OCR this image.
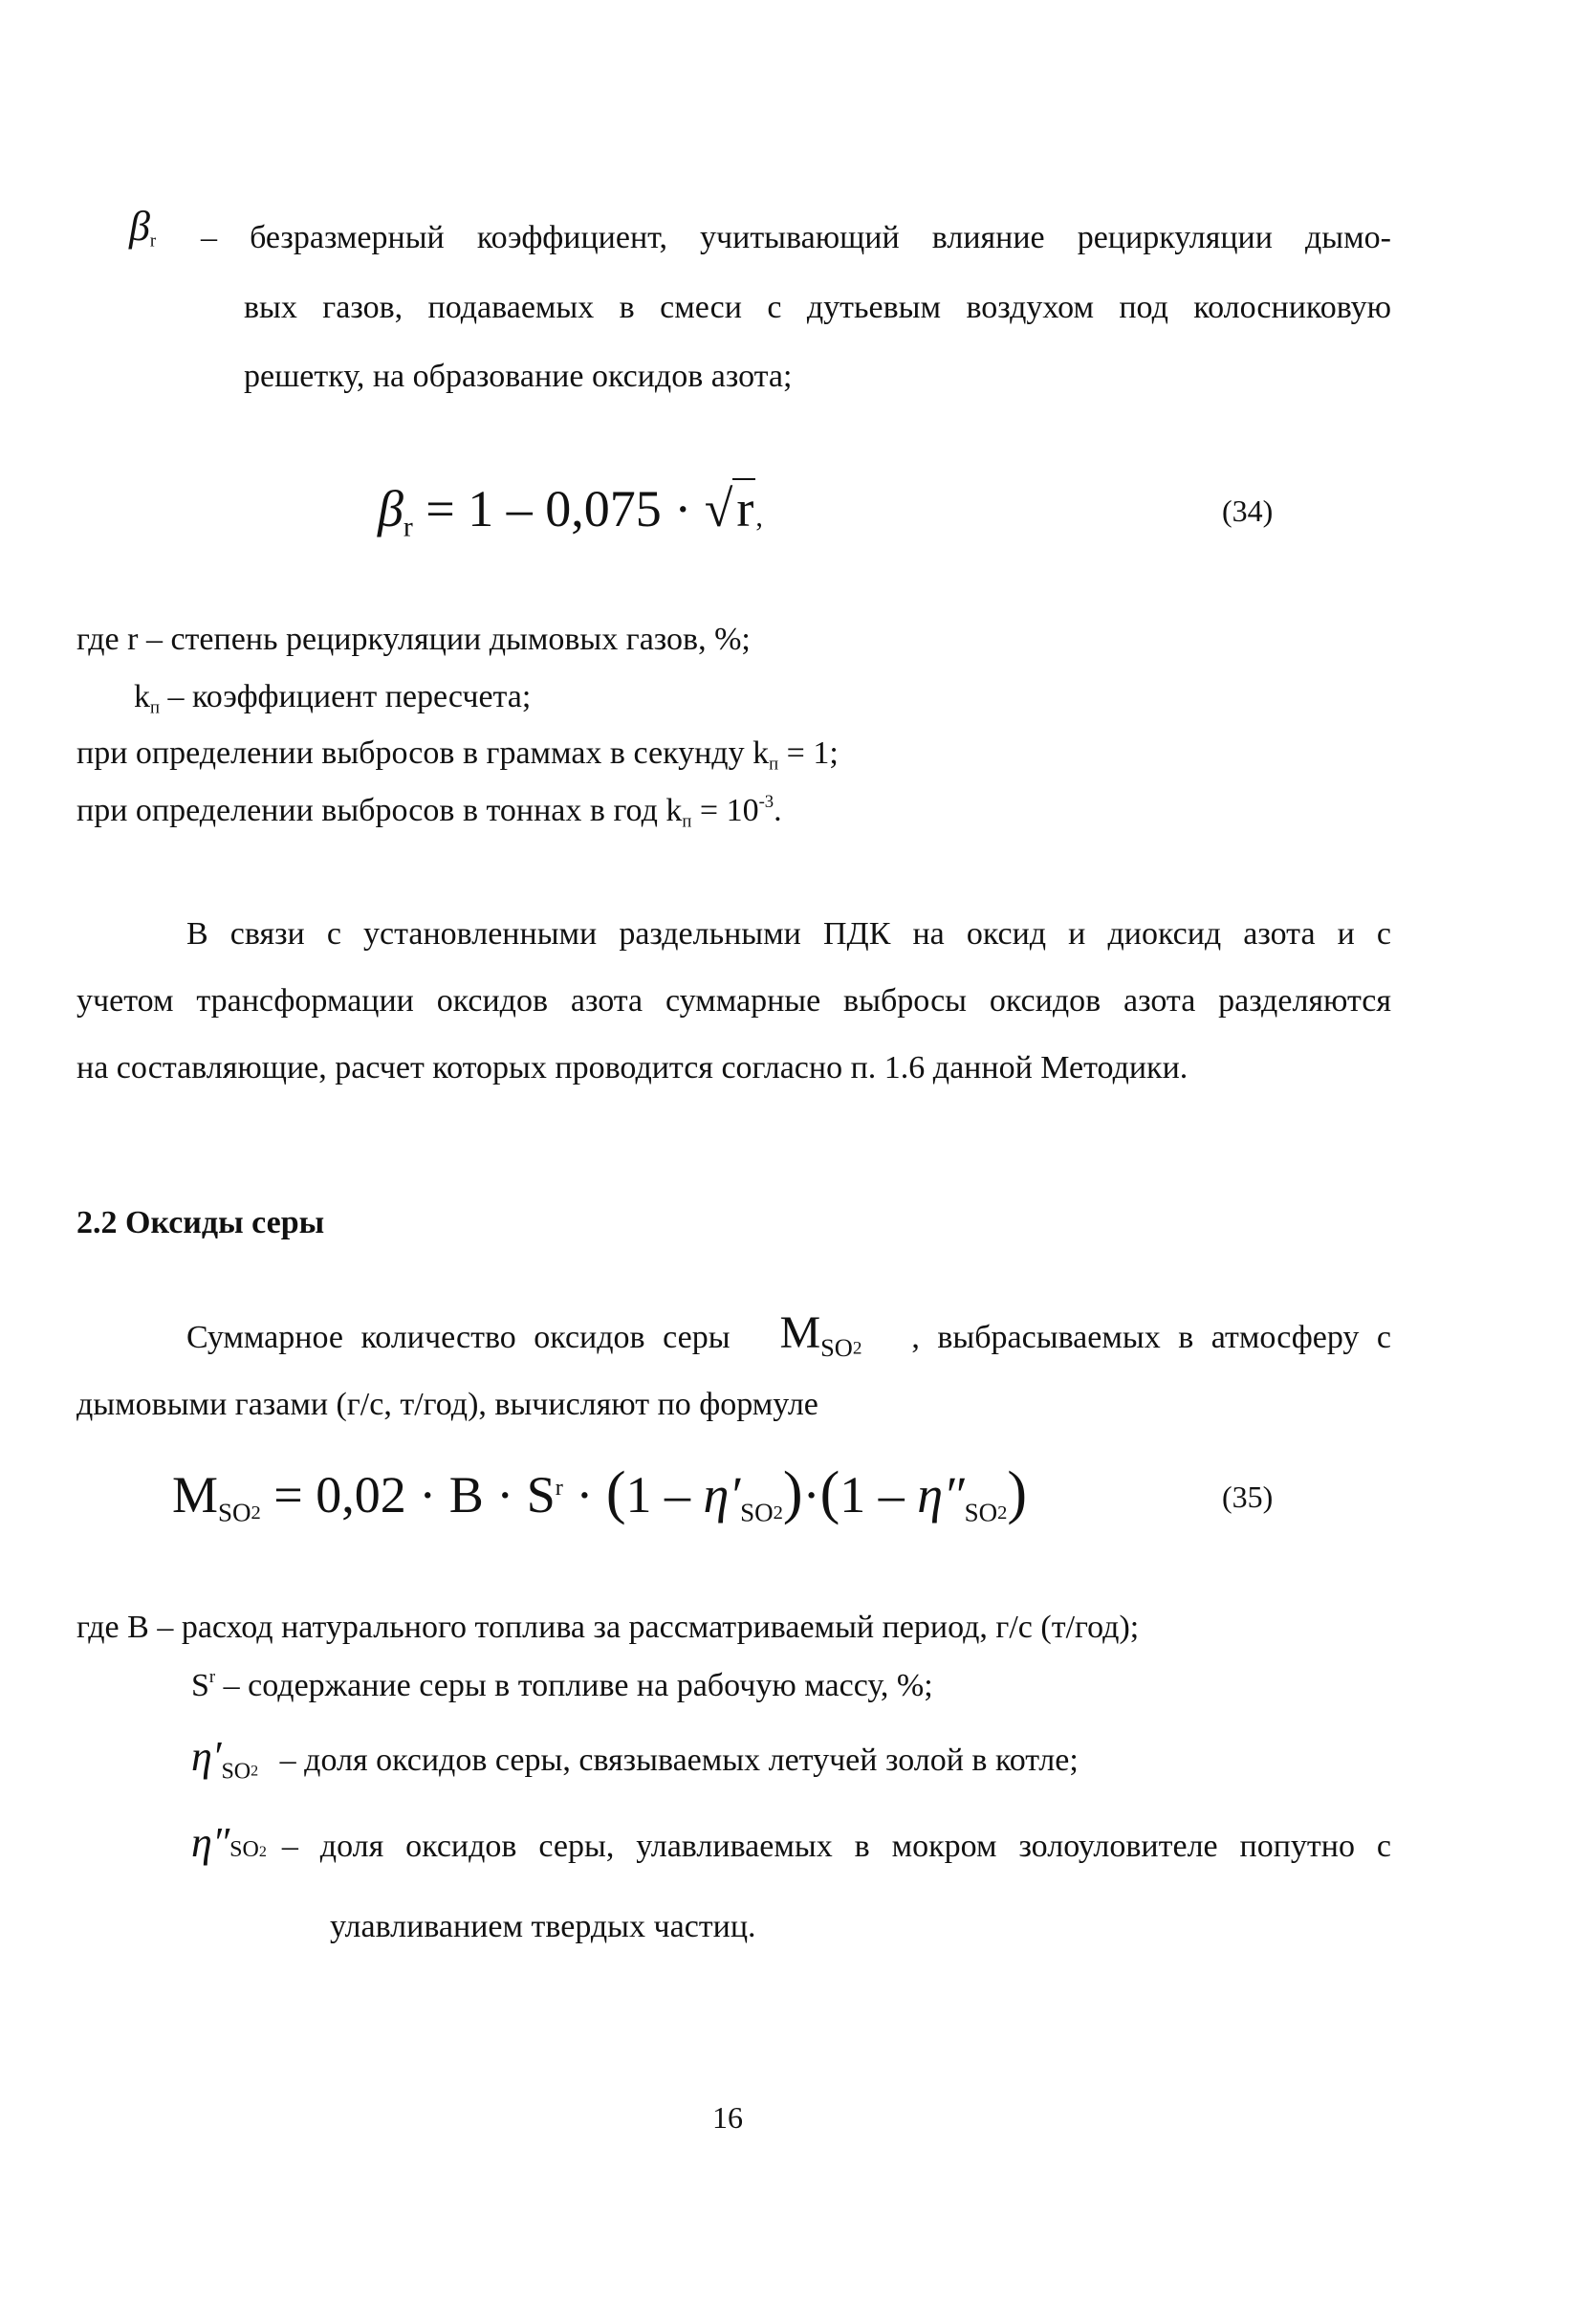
$\beta_r$ – безразмерный коэффициент, учитывающий влияние рециркуляции дымо-
вых газов, подаваемых в смеси с дутьевым воздухом под колосниковую
решетку, на образование оксидов азота;
$\beta_r = 1 - 0,075 \cdot √r$,	(34)
где r – степень рециркуляции дымовых газов, %;
$k_п$ – коэффициент пересчета;
при определении выбросов в граммах в секунду $k_п = 1$;
при определении выбросов в тоннах в год $k_п = 10^{-3}$.
В связи с установленными раздельными ПДК на оксид и диоксид азота и с
учетом трансформации оксидов азота суммарные выбросы оксидов азота разделяются
на составляющие, расчет которых проводится согласно п. 1.6 данной Методики.
2.2 Оксиды серы
Суммарное количество оксидов серы $M_{SO2}$ , выбрасываемых в атмосферу с
дымовыми газами (г/с, т/год), вычисляют по формуле
$M_{SO2} = 0,02 \cdot B \cdot S^r \cdot (1 - \eta'_{SO2})\cdot(1 - \eta''_{SO2})$	(35)
где B – расход натурального топлива за рассматриваемый период, г/с (т/год);
$S^r$ – содержание серы в топливе на рабочую массу, %;
$\eta'_{SO2}$ – доля оксидов серы, связываемых летучей золой в котле;
η″ SO 2 – доля оксидов серы, улавливаемых в мокром золоуловителе попутно с
улавливанием твердых частиц.
16
